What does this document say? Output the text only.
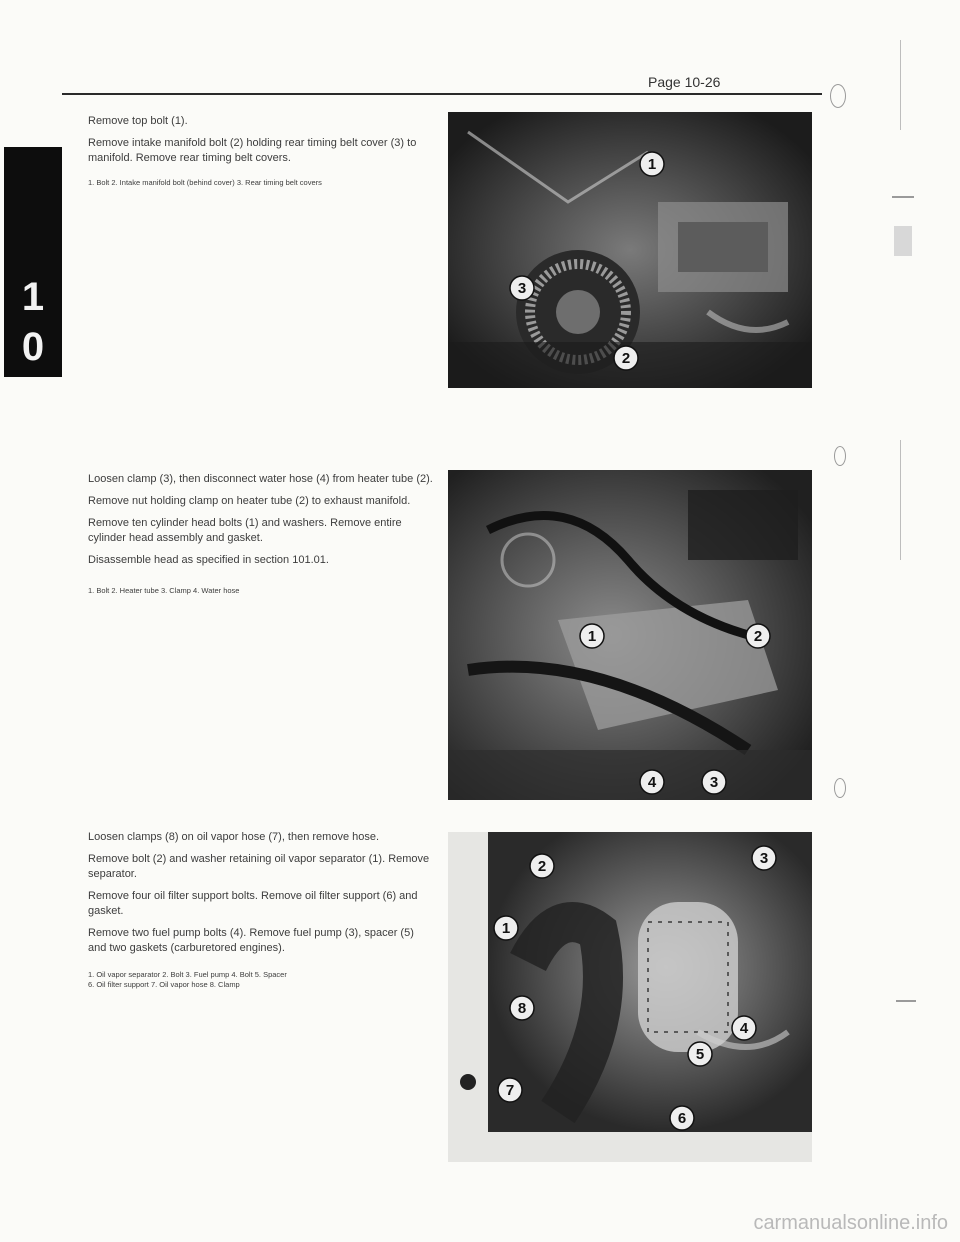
Page 10-26
1
0

Remove top bolt (1).

Remove intake manifold bolt (2) holding rear timing belt cover (3) to manifold. Remove rear timing belt covers.

1. Bolt 2. Intake manifold bolt (behind cover) 3. Rear timing belt covers

Loosen clamp (3), then disconnect water hose (4) from heater tube (2).

Remove nut holding clamp on heater tube (2) to exhaust manifold.

Remove ten cylinder head bolts (1) and washers. Remove entire cylinder head assembly and gasket.

Disassemble head as specified in section 101.01.

1. Bolt 2. Heater tube 3. Clamp 4. Water hose

Loosen clamps (8) on oil vapor hose (7), then remove hose.

Remove bolt (2) and washer retaining oil vapor separator (1). Remove separator.

Remove four oil filter support bolts. Remove oil filter support (6) and gasket.

Remove two fuel pump bolts (4). Remove fuel pump (3), spacer (5) and two gaskets (carburetored engines).

1. Oil vapor separator 2. Bolt 3. Fuel pump 4. Bolt 5. Spacer

6. Oil filter support 7. Oil vapor hose 8. Clamp

1
3
2
1	2
4	3
2	3
1
8
4
5
7
6
carmanualsonline.info
